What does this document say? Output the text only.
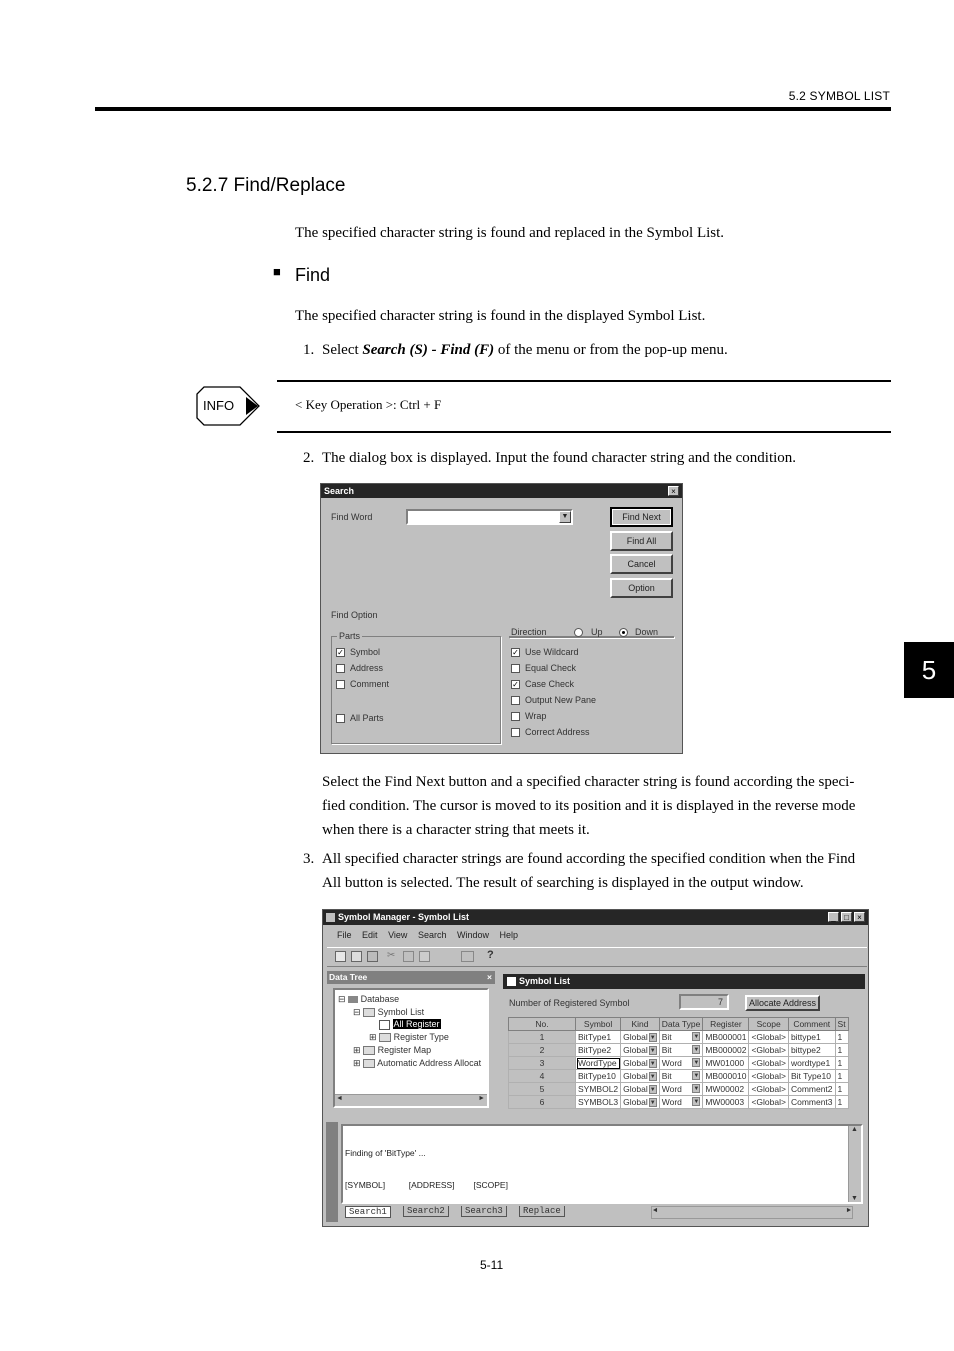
5.2 SYMBOL LIST
5.2.7 Find/Replace
The specified character string is found and replaced in the Symbol List.
■ Find
The specified character string is found in the displayed Symbol List.
1. Select Search (S) - Find (F) of the menu or from the pop-up menu.
INFO	< Key Operation >: Ctrl + F
2. The dialog box is displayed. Input the found character string and the condition.
Search	×
Find Word	▼	Find Next
Find All
Cancel
Option
Find Option
Parts
✓ Symbol
Address
Comment
All Parts
Direction	Up	Down
✓ Use Wildcard
Equal Check
✓ Case Check
Output New Pane
Wrap
Correct Address
Select the Find Next button and a specified character string is found according the speci-
fied condition. The cursor is moved to its position and it is displayed in the reverse mode
when there is a character string that meets it.
3. All specified character strings are found according the specified condition when the Find
All button is selected. The result of searching is displayed in the output window.
Symbol Manager - Symbol List	_	□	×
File Edit View Search Window Help
✂	?
Data Tree	×
⊟ Database
⊟ Symbol List
All Register
⊞ Register Type
⊞ Register Map
⊞ Automatic Address Allocat
◄	►
Symbol List
Number of Registered Symbol	7	Allocate Address
No.	Symbol	Kind	Data Type	Register	Scope	Comment	St
1	BitType1	Global ▼	Bit ▼	MB000001	<Global>	bittype1	1
2	BitType2	Global ▼	Bit ▼	MB000002	<Global>	bittype2	1
3	WordType	Global ▼	Word ▼	MW01000	<Global>	wordtype1	1
4	BitType10	Global ▼	Bit ▼	MB000010	<Global>	Bit Type10	1
5	SYMBOL2	Global ▼	Word ▼	MW00002	<Global>	Comment2	1
6	SYMBOL3	Global ▼	Word ▼	MW00003	<Global>	Comment3	1

Finding of 'BitType' ...

[SYMBOL]          [ADDRESS]        [SCOPE]

▲
▼
Search1	Search2	Search3	Replace	◄	►
5-11
5
